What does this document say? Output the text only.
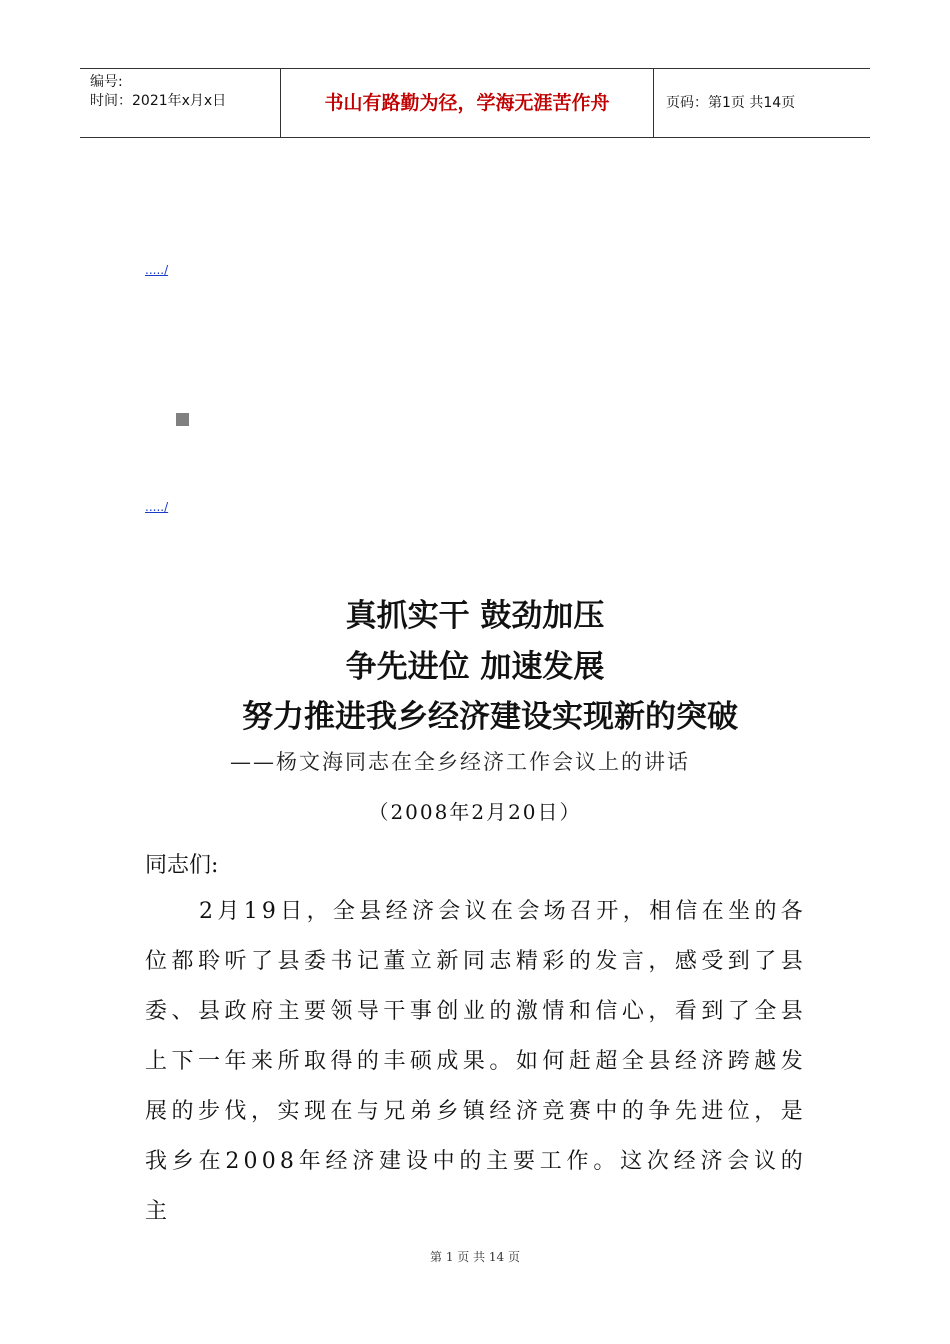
编号:
时间：2021年x月x日	书山有路勤为径，学海无涯苦作舟	页码：第1页 共14页
...../
...../
真抓实干 鼓劲加压
争先进位 加速发展
努力推进我乡经济建设实现新的突破
——杨文海同志在全乡经济工作会议上的讲话
（2008年2月20日）
同志们:

2月19日，全县经济会议在会场召开，相信在坐的各位都聆听了县委书记董立新同志精彩的发言，感受到了县委、县政府主要领导干事创业的激情和信心，看到了全县上下一年来所取得的丰硕成果。如何赶超全县经济跨越发展的步伐，实现在与兄弟乡镇经济竞赛中的争先进位，是我乡在2008年经济建设中的主要工作。这次经济会议的主

第 1 页 共 14 页
